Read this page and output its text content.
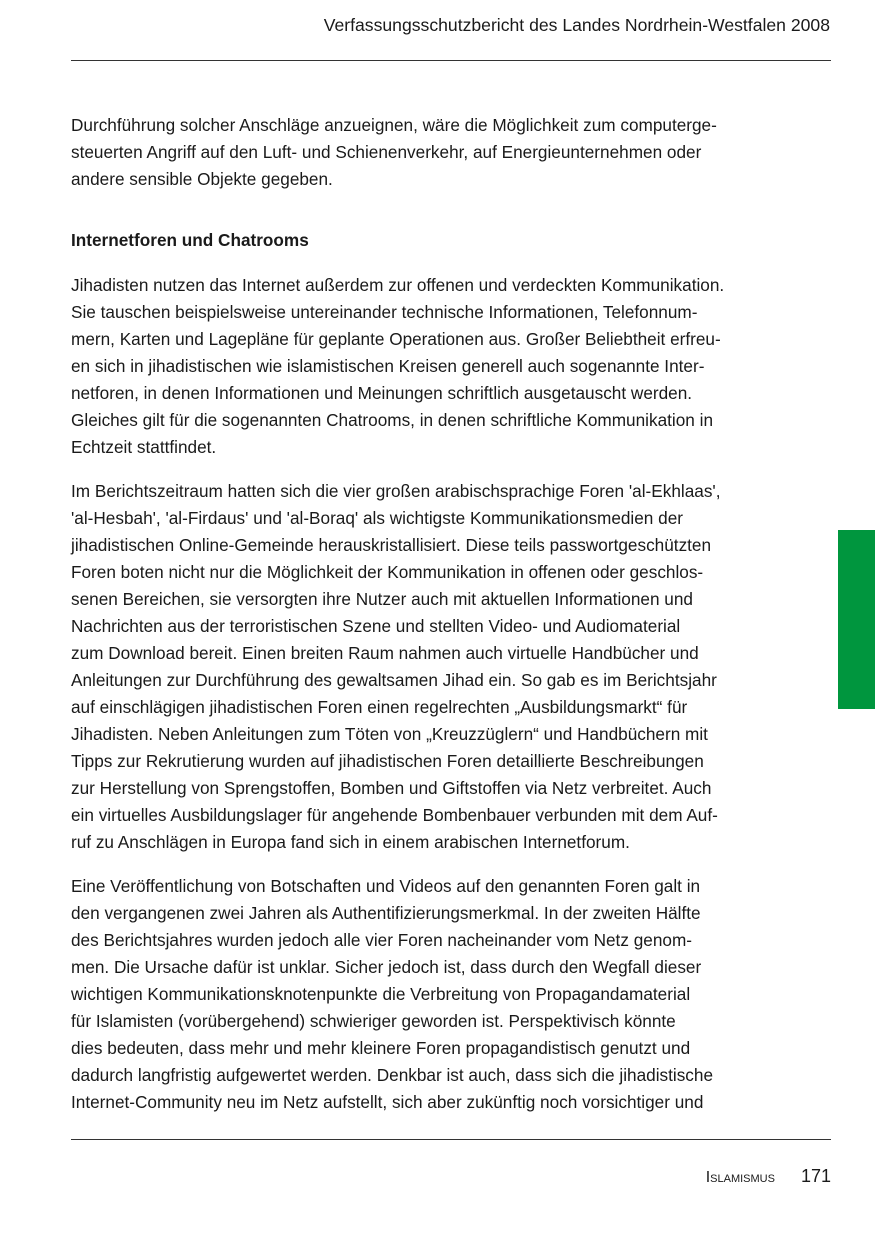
Verfassungsschutzbericht des Landes Nordrhein-Westfalen 2008

Durchführung solcher Anschläge anzueignen, wäre die Möglichkeit zum computerge-
steuerten Angriff auf den Luft- und Schienenverkehr, auf Energieunternehmen oder
andere sensible Objekte gegeben.

Internetforen und Chatrooms

Jihadisten nutzen das Internet außerdem zur offenen und verdeckten Kommunikation.
Sie tauschen beispielsweise untereinander technische Informationen, Telefonnum-
mern, Karten und Lagepläne für geplante Operationen aus. Großer Beliebtheit erfreu-
en sich in jihadistischen wie islamistischen Kreisen generell auch sogenannte Inter-
netforen, in denen Informationen und Meinungen schriftlich ausgetauscht werden.
Gleiches gilt für die sogenannten Chatrooms, in denen schriftliche Kommunikation in
Echtzeit stattfindet.

Im Berichtszeitraum hatten sich die vier großen arabischsprachige Foren 'al-Ekhlaas',
'al-Hesbah', 'al-Firdaus' und 'al-Boraq' als wichtigste Kommunikationsmedien der
jihadistischen Online-Gemeinde herauskristallisiert. Diese teils passwortgeschützten
Foren boten nicht nur die Möglichkeit der Kommunikation in offenen oder geschlos-
senen Bereichen, sie versorgten ihre Nutzer auch mit aktuellen Informationen und
Nachrichten aus der terroristischen Szene und stellten Video- und Audiomaterial
zum Download bereit. Einen breiten Raum nahmen auch virtuelle Handbücher und
Anleitungen zur Durchführung des gewaltsamen Jihad ein. So gab es im Berichtsjahr
auf einschlägigen jihadistischen Foren einen regelrechten „Ausbildungsmarkt“ für
Jihadisten. Neben Anleitungen zum Töten von „Kreuzzüglern“ und Handbüchern mit
Tipps zur Rekrutierung wurden auf jihadistischen Foren detaillierte Beschreibungen
zur Herstellung von Sprengstoffen, Bomben und Giftstoffen via Netz verbreitet. Auch
ein virtuelles Ausbildungslager für angehende Bombenbauer verbunden mit dem Auf-
ruf zu Anschlägen in Europa fand sich in einem arabischen Internetforum.

Eine Veröffentlichung von Botschaften und Videos auf den genannten Foren galt in
den vergangenen zwei Jahren als Authentifizierungsmerkmal. In der zweiten Hälfte
des Berichtsjahres wurden jedoch alle vier Foren nacheinander vom Netz genom-
men. Die Ursache dafür ist unklar. Sicher jedoch ist, dass durch den Wegfall dieser
wichtigen Kommunikationsknotenpunkte die Verbreitung von Propagandamaterial
für Islamisten (vorübergehend) schwieriger geworden ist. Perspektivisch könnte
dies bedeuten, dass mehr und mehr kleinere Foren propagandistisch genutzt und
dadurch langfristig aufgewertet werden. Denkbar ist auch, dass sich die jihadistische
Internet-Community neu im Netz aufstellt, sich aber zukünftig noch vorsichtiger und

Islamismus 171
